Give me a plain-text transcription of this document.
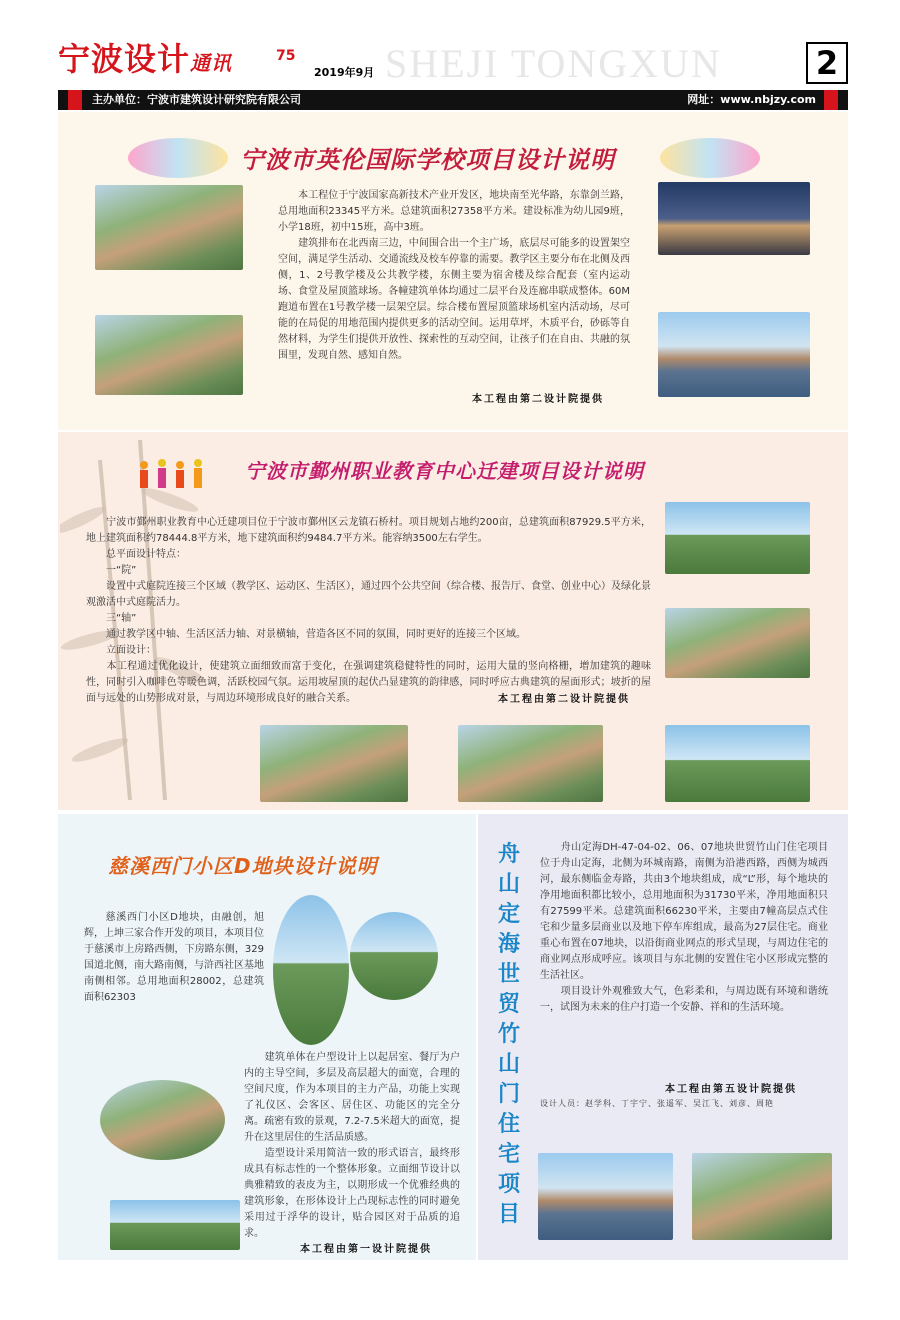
宁波设计通讯	75
2019年9月 SHEJI TONGXUN	2
主办单位：宁波市建筑设计研究院有限公司	网址：www.nbjzy.com
宁波市英伦国际学校项目设计说明
　　本工程位于宁波国家高新技术产业开发区，地块南至光华路，东靠剑兰路，总用地面积23345平方米。总建筑面积27358平方米。建设标准为幼儿园9班，小学18班，初中15班，高中3班。
　　建筑排布在北西南三边，中间围合出一个主广场，底层尽可能多的设置架空空间，满足学生活动、交通流线及校车停靠的需要。教学区主要分布在北侧及西侧，1、2号教学楼及公共教学楼，东侧主要为宿舍楼及综合配套（室内运动场、食堂及屋顶篮球场。各幢建筑单体均通过二层平台及连廊串联成整体。60M跑道布置在1号教学楼一层架空层。综合楼布置屋顶篮球场机室内活动场，尽可能的在局促的用地范围内提供更多的活动空间。运用草坪，木质平台，砂砾等自然材料，为学生们提供开放性、探索性的互动空间，让孩子们在自由、共融的氛围里，发现自然、感知自然。
本工程由第二设计院提供
宁波市鄞州职业教育中心迁建项目设计说明
　　宁波市鄞州职业教育中心迁建项目位于宁波市鄞州区云龙镇石桥村。项目规划占地约200亩，总建筑面积87929.5平方米，地上建筑面积约78444.8平方米，地下建筑面积约9484.7平方米。能容纳3500左右学生。
　　总平面设计特点：
　　一“院”
　　设置中式庭院连接三个区域（教学区、运动区、生活区），通过四个公共空间（综合楼、报告厅、食堂、创业中心）及绿化景观激活中式庭院活力。
　　三“轴”
　　通过教学区中轴、生活区活力轴、对景横轴，营造各区不同的氛围，同时更好的连接三个区域。
　　立面设计：
　　本工程通过优化设计，使建筑立面细致而富于变化，在强调建筑稳健特性的同时，运用大量的竖向格栅，增加建筑的趣味性，同时引入咖啡色等暖色调，活跃校园气氛。运用坡屋顶的起伏凸显建筑的韵律感，同时呼应古典建筑的屋面形式；坡折的屋面与远处的山势形成对景，与周边环境形成良好的融合关系。	本工程由第二设计院提供
慈溪西门小区D地块设计说明
　　慈溪西门小区D地块，由融创，旭辉，上坤三家合作开发的项目，本项目位于慈溪市上房路西侧，下房路东侧，329国道北侧，南大路南侧，与浒西社区基地南侧相邻。总用地面积28002，总建筑面积62303
　　建筑单体在户型设计上以起居室、餐厅为户内的主导空间，多层及高层超大的面宽，合理的空间尺度，作为本项目的主力产品，功能上实现了礼仪区、会客区、居住区、功能区的完全分离。疏密有致的景观，7.2-7.5米超大的面宽，提升在这里居住的生活品质感。
　　造型设计采用简洁一致的形式语言，最终形成具有标志性的一个整体形象。立面细节设计以典雅精致的表皮为主，以期形成一个优雅经典的建筑形象，在形体设计上凸现标志性的同时避免采用过于浮华的设计，贴合园区对于品质的追求。
本工程由第一设计院提供
舟山定海世贸竹山门住宅项目
　　舟山定海DH-47-04-02、06、07地块世贸竹山门住宅项目位于舟山定海，北侧为环城南路，南侧为沿港西路，西侧为城西河，最东侧临金寿路，共由3个地块组成，成“L”形，每个地块的净用地面积都比较小，总用地面积为31730平米，净用地面积只有27599平米。总建筑面积66230平米，主要由7幢高层点式住宅和少量多层商业以及地下停车库组成，最高为27层住宅。商业重心布置在07地块，以沿街商业网点的形式呈现，与周边住宅的商业网点形成呼应。该项目与东北侧的安置住宅小区形成完整的生活社区。
　　项目设计外观雅致大气，色彩柔和，与周边既有环境和谐统一，试图为未来的住户打造一个安静、祥和的生活环境。
本工程由第五设计院提供
设计人员：赵学科、丁宇宁、张遥军、吴江飞、刘彦、周艳
